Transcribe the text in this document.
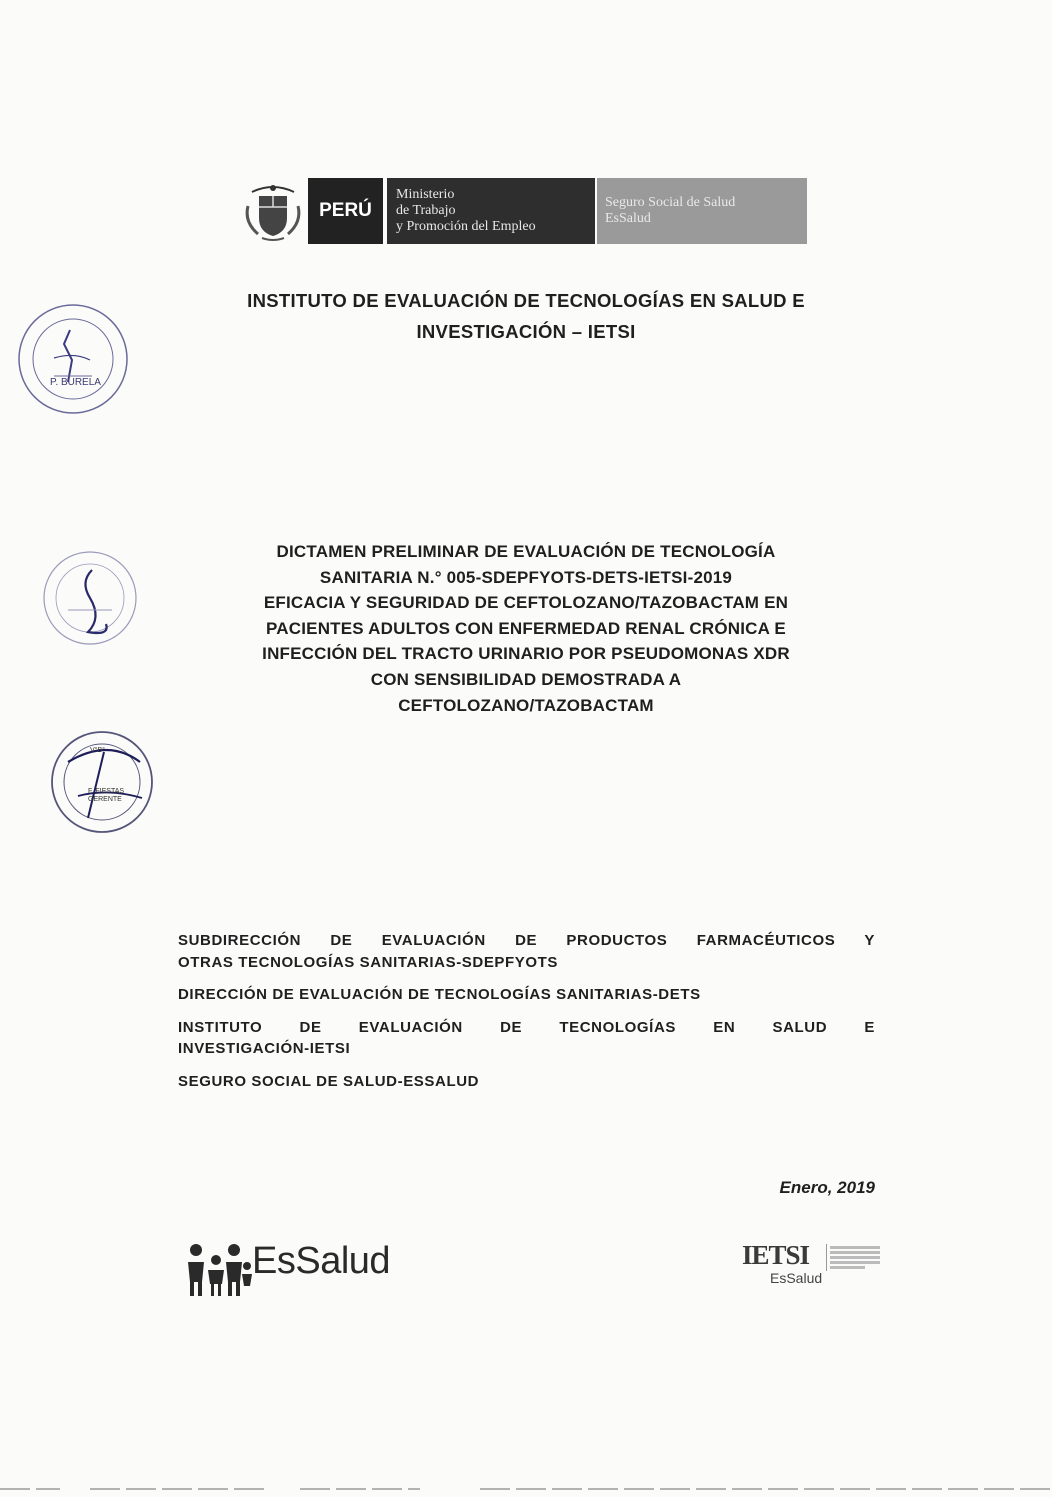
PERÚ
Ministerio
de Trabajo
y Promoción del Empleo
Seguro Social de Salud
EsSalud
INSTITUTO DE EVALUACIÓN DE TECNOLOGÍAS EN SALUD E
INVESTIGACIÓN – IETSI
P. BURELA
V°B°
F. FIESTAS
GERENTE
DICTAMEN PRELIMINAR DE EVALUACIÓN DE TECNOLOGÍA
SANITARIA N.° 005-SDEPFYOTS-DETS-IETSI-2019
EFICACIA Y SEGURIDAD DE CEFTOLOZANO/TAZOBACTAM EN
PACIENTES ADULTOS CON ENFERMEDAD RENAL CRÓNICA E
INFECCIÓN DEL TRACTO URINARIO POR PSEUDOMONAS XDR
CON SENSIBILIDAD DEMOSTRADA A
CEFTOLOZANO/TAZOBACTAM
SUBDIRECCIÓN DE EVALUACIÓN DE PRODUCTOS FARMACÉUTICOS Y
OTRAS TECNOLOGÍAS SANITARIAS-SDEPFYOTS
DIRECCIÓN DE EVALUACIÓN DE TECNOLOGÍAS SANITARIAS-DETS
INSTITUTO DE EVALUACIÓN DE TECNOLOGÍAS EN SALUD E
INVESTIGACIÓN-IETSI
SEGURO SOCIAL DE SALUD-ESSALUD
Enero, 2019
EsSalud	IETSI
EsSalud
